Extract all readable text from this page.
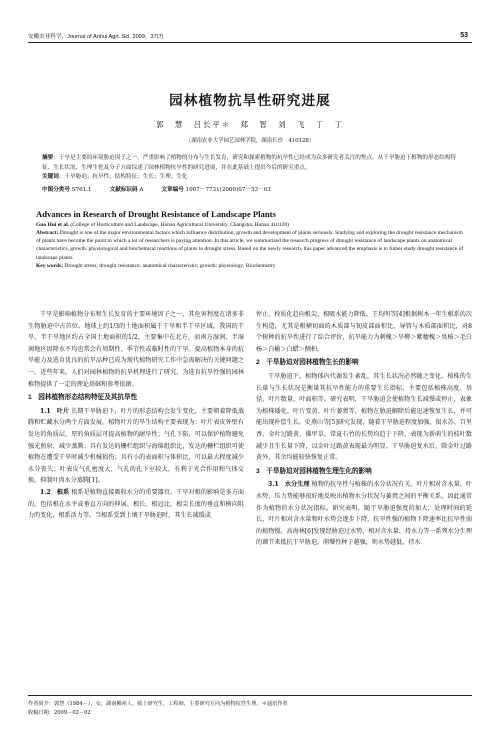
安徽农业科学，Journal of Anhui Agri. Sci. 2009，37(7)	53
园林植物抗旱性研究进展
郭　慧　吕长平＊　郑　智　刘　飞　丁　丁
（湖南农业大学园艺园林学院，湖南长沙　410128）
摘要：干旱是主要的环境胁迫因子之一，严重影响了植物的分布与生长发育，研究和探索植物的抗旱性已经成为众多研究者关注的焦点。从干旱胁迫下植物的形态结构特征、生长状况、生理生化及分子方面综述了园林植物抗旱性的研究进展，并在此基础上提出今后的研究重点。
关键词：干旱胁迫；抗旱性；结构特征；生长；生理；生化
中图分类号 S761.1	文献标识码 A	文章编号 1007－7731(2009)07－53－03
Advances in Research of Drought Resistance of Landscape Plants
Guo Hui et al. (College of Horticulture and Landscape, Hunan Agricultural University, Changsha, Hunan 410128)
Abstract: Drought is one of the major environmental factors which influence distribution, growth and development of plants seriously. Studying and exploring the drought resistance mechanism of plants have become the point to which a lot of researchers is paying attention. In this article, we summarized the research progress of drought resistance of landscape plants on anatomical characteristics, growth, physiological and biochemical reactions of plants to drought stress. Based on the newly research, this paper advanced the emphasis is to futher study drought resistance of landscape plants.
Key words: Drought stress; drought resistance; anatomical characteristic; growth; physiology; Biochemistry

干旱是影响植物分布和生长发育的主要环境因子之一，其危害程度在诸多非生物胁迫中占首位。地球上约1/3的土地面积属于干旱和半干旱区域，我国的干旱、半干旱地区约占全国土地面积的1/2，主要集中在北方，而南方湿润、半湿润地区因降水不均也常会有周期性、季节性或临时性的干旱。提高植物本身的抗旱能力及选育优良的抗旱品种已成为现代植物研究工作中急需解决的关键问题之一。近些年来，人们对园林植物的抗旱机理进行了研究，为选育抗旱性强的园林植物提供了一定的理论基础和参考依据。

1　园林植物形态结构特征及其抗旱性

1.1　叶片 长期干旱胁迫下，叶片的形态结构会发生变化，主要朝着降低蒸腾和贮藏水分两个方面发展。植物叶片的旱生结构主要表现为：叶片表皮外壁有发达的角质层，厚的角质层可提高植物的耐旱性；气孔下陷，可以保护植物避免强光照射，减少蒸腾；具有发达的栅栏组织与海绵组织比，发达的栅栏组织可使植物在遭受干旱时减少机械损伤；具有小的表面积与体积比，可以最大程度减少水分丧失；叶表皮气孔密度大，气孔的孔下室较大，有利于光合作用和气体交换，抑制叶肉水分蒸腾[1]。

1.2　根系 根系是植物直接吸收水分的重要器官。干旱对根的影响是多方面的，包括根在水平或垂直方向的伸展、根长、根冠比、根尖长度的垂直和横向阻力的变化、根系活力等。当根系受到土壤干旱胁迫时，其生长减缓或

停止，栓质化趋向根尖，根吸水能力降低。王均明等[4]根据树木一年生根系的次生构造，尤其是根横切面的木质部与韧皮部面积比、导管与木质部面积比，对8个树种的抗旱性进行了综合评价，抗旱能力为刺槐＞旱柳＞紫穗槐＞臭椿＞毛白杨＞白榆＞白蜡＞侧柏。

2　干旱胁迫对园林植物生长的影响

干旱胁迫下，植物体内代谢发生紊乱，其生长状况必然随之变化。植株的生长量与生长状况是衡量其抗旱性能力的重要生长指标，主要包括植株高度、基径、叶片数量、叶面积等。研究表明，干旱胁迫会使植物生长减慢或停止，表象为植株矮化、叶片变黄、叶片萎蔫等，植物在胁迫解除后能迅速恢复生长，并可能出现补偿生长。史燕山等[5]研究发现，随着干旱胁迫程度加强，银水苏、百里香、金叶过路黄、佛甲草、常夏石竹的长势均趋于下降，表现为新萌生的枝叶数减少且生长量下降，以金叶过路黄表现最为明显。干旱胁迫复水后，除金叶过路黄外，其余均能较快恢复正常。

3　干旱胁迫对园林植物生理生化的影响

3.1　水分生理 植物的抗旱性与植株的水分状况有关。叶片相对含水量、叶水势、压力势能够很好地反映出植物水分状况与萎蔫之间的平衡关系，因此通常作为植物的水分状况指标。研究表明，随干旱胁迫强度的加大，处理时间的延长，叶片相对含水量和叶水势会逐步下降，抗旱性强的植物下降速率比抗旱性弱的植物慢。高海林[6]发现经胁迫过水势、相对含水量、持水力等一系列水分生理的调节来抵抗干旱胁迫，萌蘖性种子越强，则水势越低，持水

作者简介：郭慧（1984－），女，湖南郴州人，硕士研究生，工程师，主要研究方向为植物抗性生理。＊通讯作者
收稿日期：2009－02－02
